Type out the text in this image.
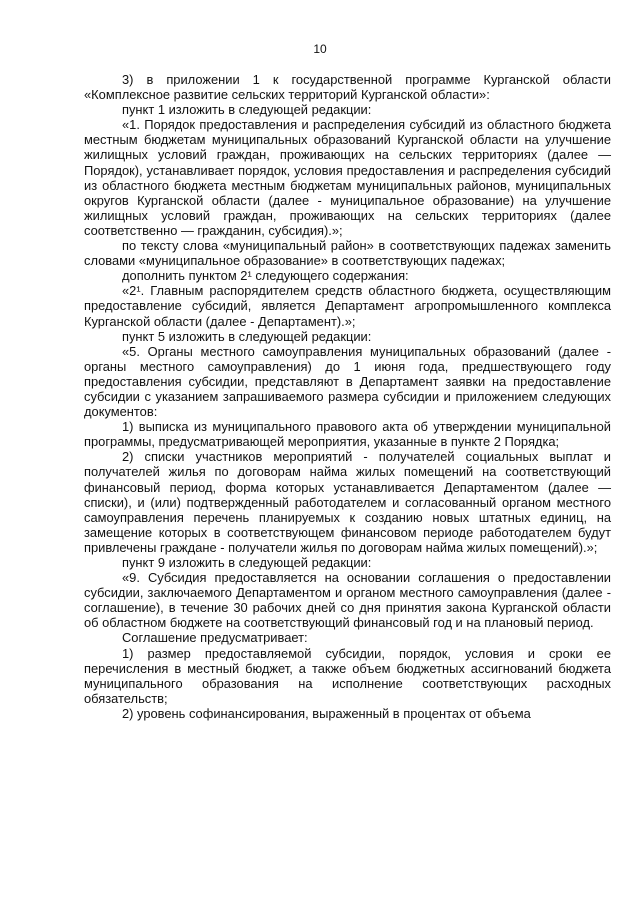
10

3) в приложении 1 к государственной программе Курганской области «Комплексное развитие сельских территорий Курганской области»:

пункт 1 изложить в следующей редакции:

«1. Порядок предоставления и распределения субсидий из областного бюджета местным бюджетам муниципальных образований Курганской области на улучшение жилищных условий граждан, проживающих на сельских территориях (далее — Порядок), устанавливает порядок, условия предоставления и распределения субсидий из областного бюджета местным бюджетам муниципальных районов, муниципальных округов Курганской области (далее - муниципальное образование) на улучшение жилищных условий граждан, проживающих на сельских территориях (далее соответственно — гражданин, субсидия).»;

по тексту слова «муниципальный район» в соответствующих падежах заменить словами «муниципальное образование» в соответствующих падежах;

дополнить пунктом 2¹ следующего содержания:

«2¹. Главным распорядителем средств областного бюджета, осуществляющим предоставление субсидий, является Департамент агропромышленного комплекса Курганской области (далее - Департамент).»;

пункт 5 изложить в следующей редакции:

«5. Органы местного самоуправления муниципальных образований (далее - органы местного самоуправления) до 1 июня года, предшествующего году предоставления субсидии, представляют в Департамент заявки на предоставление субсидии с указанием запрашиваемого размера субсидии и приложением следующих документов:

1) выписка из муниципального правового акта об утверждении муниципальной программы, предусматривающей мероприятия, указанные в пункте 2 Порядка;

2) списки участников мероприятий - получателей социальных выплат и получателей жилья по договорам найма жилых помещений на соответствующий финансовый период, форма которых устанавливается Департаментом (далее — списки), и (или) подтвержденный работодателем и согласованный органом местного самоуправления перечень планируемых к созданию новых штатных единиц, на замещение которых в соответствующем финансовом периоде работодателем будут привлечены граждане - получатели жилья по договорам найма жилых помещений).»;

пункт 9 изложить в следующей редакции:

«9. Субсидия предоставляется на основании соглашения о предоставлении субсидии, заключаемого Департаментом и органом местного самоуправления (далее - соглашение), в течение 30 рабочих дней со дня принятия закона Курганской области об областном бюджете на соответствующий финансовый год и на плановый период.

Соглашение предусматривает:

1) размер предоставляемой субсидии, порядок, условия и сроки ее перечисления в местный бюджет, а также объем бюджетных ассигнований бюджета муниципального образования на исполнение соответствующих расходных обязательств;

2) уровень софинансирования, выраженный в процентах от объема
